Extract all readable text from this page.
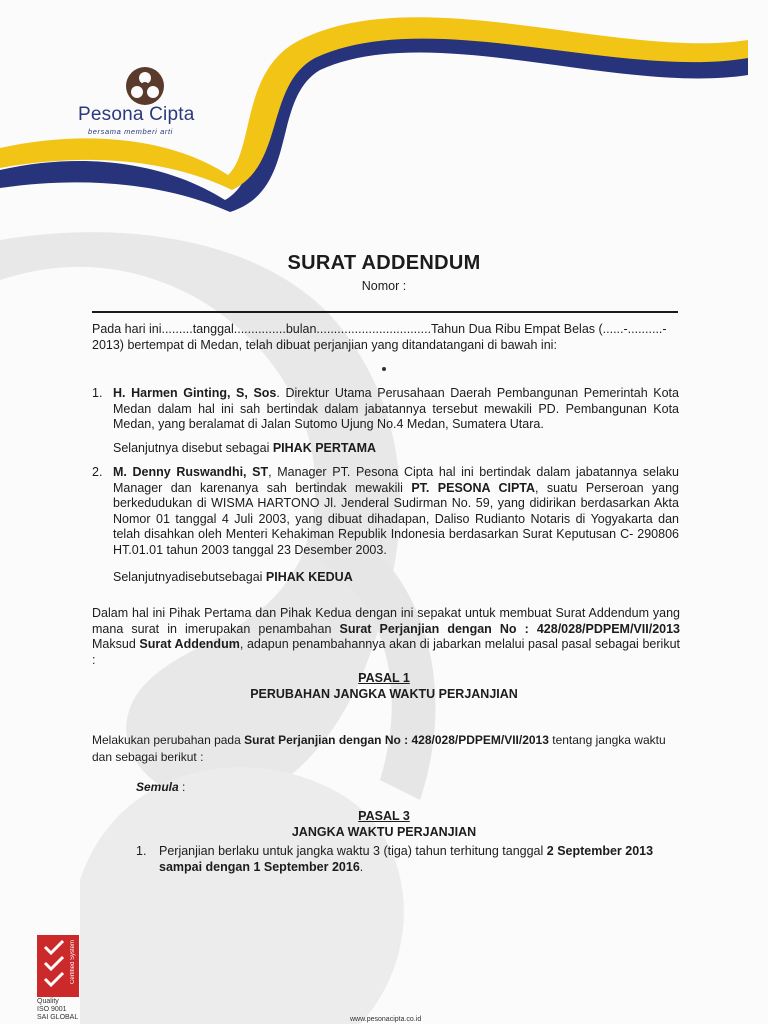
Pesona Cipta
bersama memberi arti
SURAT ADDENDUM
Nomor :
Pada hari ini.........tanggal...............bulan.................................Tahun Dua Ribu Empat Belas (......-..........-
2013) bertempat di Medan, telah dibuat perjanjian yang ditandatangani di bawah ini:
1. H. Harmen Ginting, S, Sos. Direktur Utama Perusahaan Daerah Pembangunan Pemerintah Kota Medan dalam hal ini sah bertindak dalam jabatannya tersebut mewakili PD. Pembangunan Kota Medan, yang beralamat di Jalan Sutomo Ujung No.4 Medan, Sumatera Utara.
Selanjutnya disebut sebagai PIHAK PERTAMA
2. M. Denny Ruswandhi, ST, Manager PT. Pesona Cipta hal ini bertindak dalam jabatannya selaku Manager dan karenanya sah bertindak mewakili PT. PESONA CIPTA, suatu Perseroan yang berkedudukan di WISMA HARTONO Jl. Jenderal Sudirman No. 59, yang didirikan berdasarkan Akta Nomor 01 tanggal 4 Juli 2003, yang dibuat dihadapan, Daliso Rudianto Notaris di Yogyakarta dan telah disahkan oleh Menteri Kehakiman Republik Indonesia berdasarkan Surat Keputusan C- 290806 HT.01.01 tahun 2003 tanggal 23 Desember 2003.
Selanjutnyadisebutsebagai PIHAK KEDUA
Dalam hal ini Pihak Pertama dan Pihak Kedua dengan ini sepakat untuk membuat Surat Addendum yang mana surat in imerupakan penambahan Surat Perjanjian dengan No : 428/028/PDPEM/VII/2013 Maksud Surat Addendum, adapun penambahannya akan di jabarkan melalui pasal pasal sebagai berikut :
PASAL 1
PERUBAHAN JANGKA WAKTU PERJANJIAN
Melakukan perubahan pada Surat Perjanjian dengan No : 428/028/PDPEM/VII/2013 tentang jangka waktu
dan sebagai berikut :
Semula :
PASAL 3
JANGKA WAKTU PERJANJIAN
1. Perjanjian berlaku untuk jangka waktu 3 (tiga) tahun terhitung tanggal 2 September 2013
sampai dengan 1 September 2016.
Certified System
Quality
ISO 9001
SAI GLOBAL	www.pesonacipta.co.id
